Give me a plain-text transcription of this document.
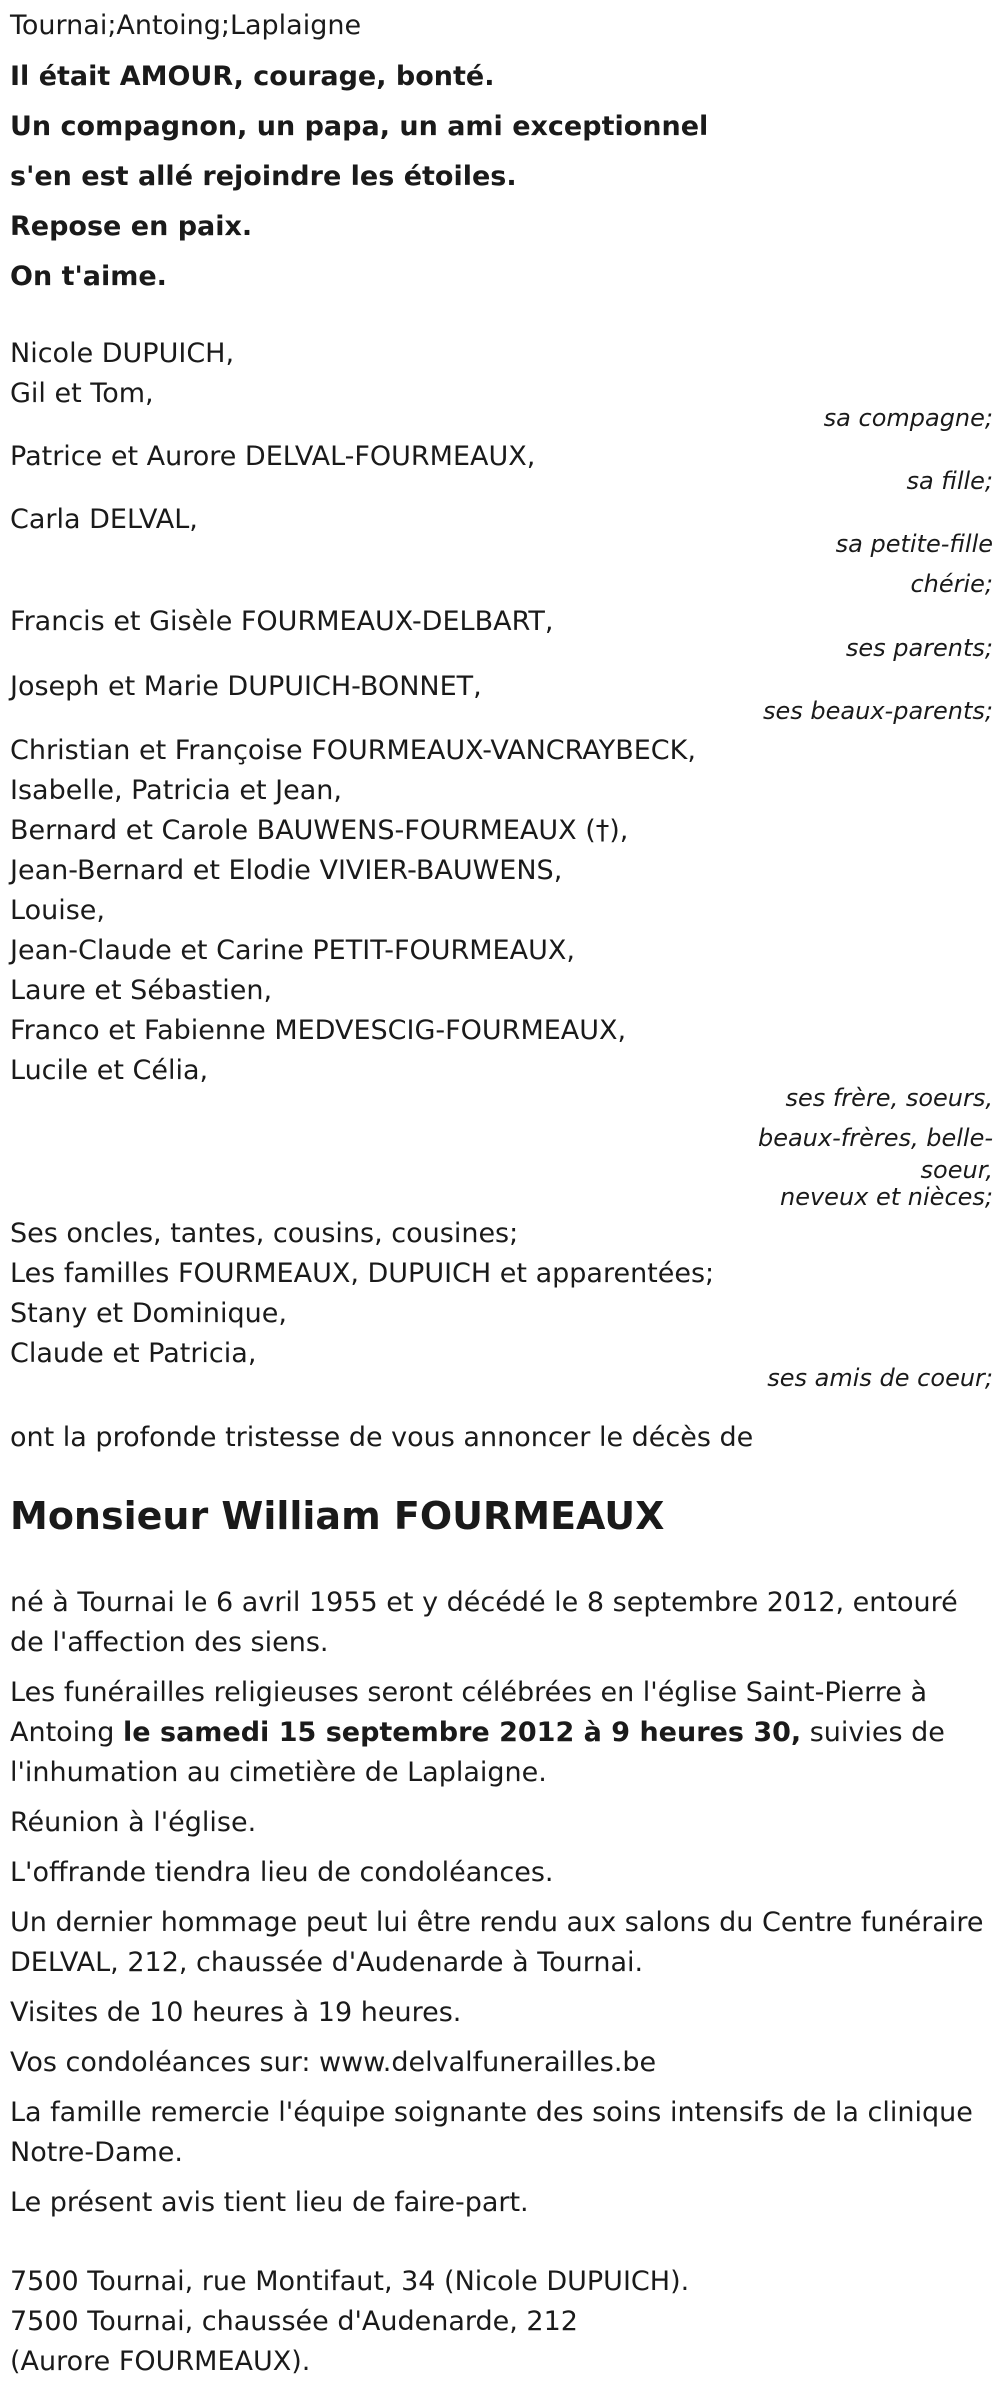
Tournai;Antoing;Laplaigne
Il était AMOUR, courage, bonté.
Un compagnon, un papa, un ami exceptionnel
s'en est allé rejoindre les étoiles.
Repose en paix.
On t'aime.
Nicole DUPUICH,
Gil et Tom,
sa compagne;
Patrice et Aurore DELVAL-FOURMEAUX,
sa fille;
Carla DELVAL,
sa petite-fille
chérie;
Francis et Gisèle FOURMEAUX-DELBART,
ses parents;
Joseph et Marie DUPUICH-BONNET,
ses beaux-parents;
Christian et Françoise FOURMEAUX-VANCRAYBECK,
Isabelle, Patricia et Jean,
Bernard et Carole BAUWENS-FOURMEAUX (†),
Jean-Bernard et Elodie VIVIER-BAUWENS,
Louise,
Jean-Claude et Carine PETIT-FOURMEAUX,
Laure et Sébastien,
Franco et Fabienne MEDVESCIG-FOURMEAUX,
Lucile et Célia,
ses frère, soeurs,
beaux-frères, belle-
soeur,
neveux et nièces;
Ses oncles, tantes, cousins, cousines;
Les familles FOURMEAUX, DUPUICH et apparentées;
Stany et Dominique,
Claude et Patricia,
ses amis de coeur;
ont la profonde tristesse de vous annoncer le décès de
Monsieur William FOURMEAUX

né à Tournai le 6 avril 1955 et y décédé le 8 septembre 2012, entouré de l'affection des siens.

Les funérailles religieuses seront célébrées en l'église Saint-Pierre à Antoing le samedi 15 septembre 2012 à 9 heures 30, suivies de l'inhumation au cimetière de Laplaigne.

Réunion à l'église.

L'offrande tiendra lieu de condoléances.

Un dernier hommage peut lui être rendu aux salons du Centre funéraire DELVAL, 212, chaussée d'Audenarde à Tournai.

Visites de 10 heures à 19 heures.

Vos condoléances sur: www.delvalfunerailles.be

La famille remercie l'équipe soignante des soins intensifs de la clinique Notre-Dame.

Le présent avis tient lieu de faire-part.

7500 Tournai, rue Montifaut, 34 (Nicole DUPUICH).
7500 Tournai, chaussée d'Audenarde, 212
(Aurore FOURMEAUX).
